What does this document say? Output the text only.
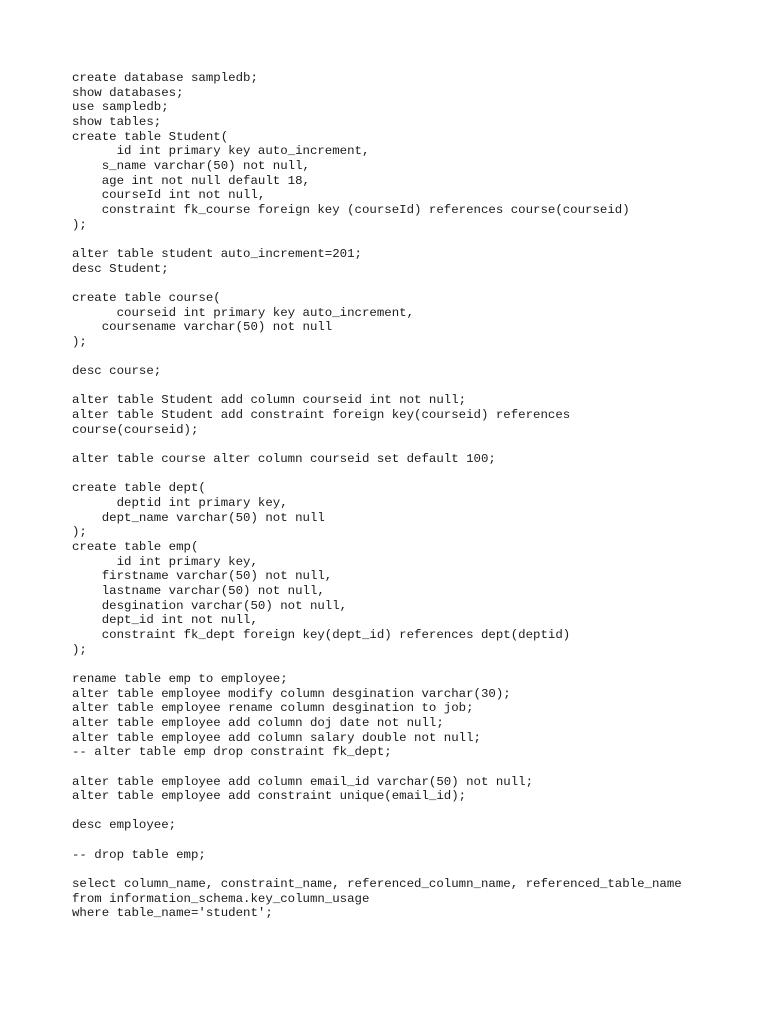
create database sampledb;
show databases;
use sampledb;
show tables;
create table Student(
id int primary key auto_increment,
s_name varchar(50) not null,
age int not null default 18,
courseId int not null,
constraint fk_course foreign key (courseId) references course(courseid)
);
alter table student auto_increment=201;
desc Student;
create table course(
courseid int primary key auto_increment,
coursename varchar(50) not null
);
desc course;
alter table Student add column courseid int not null;
alter table Student add constraint foreign key(courseid) references
course(courseid);
alter table course alter column courseid set default 100;
create table dept(
deptid int primary key,
dept_name varchar(50) not null
);
create table emp(
id int primary key,
firstname varchar(50) not null,
lastname varchar(50) not null,
desgination varchar(50) not null,
dept_id int not null,
constraint fk_dept foreign key(dept_id) references dept(deptid)
);
rename table emp to employee;
alter table employee modify column desgination varchar(30);
alter table employee rename column desgination to job;
alter table employee add column doj date not null;
alter table employee add column salary double not null;
-- alter table emp drop constraint fk_dept;
alter table employee add column email_id varchar(50) not null;
alter table employee add constraint unique(email_id);
desc employee;
-- drop table emp;
select column_name, constraint_name, referenced_column_name, referenced_table_name
from information_schema.key_column_usage
where table_name='student';
